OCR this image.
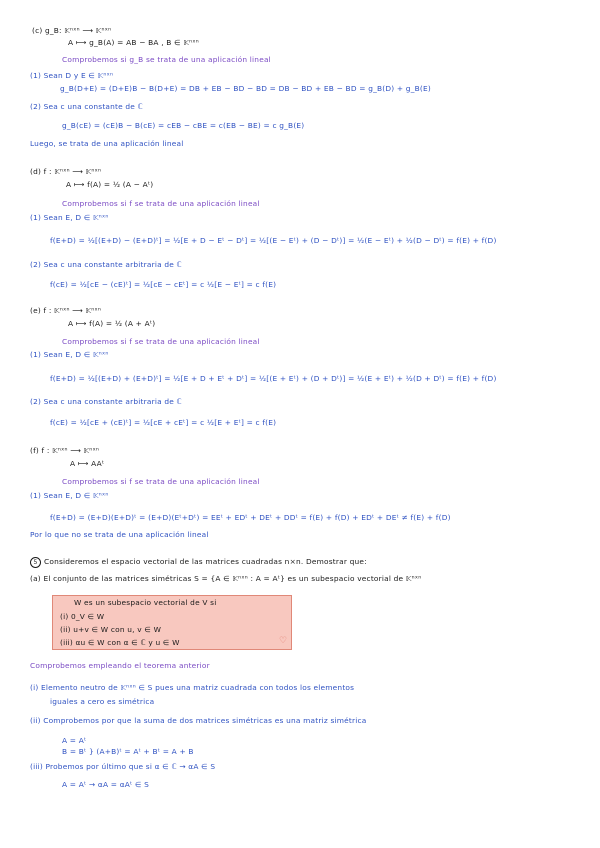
♡
(c) g_B: 𝕂ⁿˣⁿ ⟶ 𝕂ⁿˣⁿ
A ⟼ g_B(A) = AB − BA , B ∈ 𝕂ⁿˣⁿ
Comprobemos si g_B se trata de una aplicación lineal
(1) Sean D y E ∈ 𝕂ⁿˣⁿ
g_B(D+E) = (D+E)B − B(D+E) = DB + EB − BD − BD = DB − BD + EB − BD = g_B(D) + g_B(E)
(2) Sea c una constante de ℂ
g_B(cE) = (cE)B − B(cE) = cEB − cBE = c(EB − BE) = c g_B(E)
Luego, se trata de una aplicación lineal
(d) f : 𝕂ⁿˣⁿ ⟶ 𝕂ⁿˣⁿ
A ⟼ f(A) = ½ (A − Aᵗ)
Comprobemos si f se trata de una aplicación lineal
(1) Sean E, D ∈ 𝕂ⁿˣⁿ
f(E+D) = ½[(E+D) − (E+D)ᵗ] = ½[E + D − Eᵗ − Dᵗ] = ½[(E − Eᵗ) + (D − Dᵗ)] = ½(E − Eᵗ) + ½(D − Dᵗ) = f(E) + f(D)
(2) Sea c una constante arbitraria de ℂ
f(cE) = ½[cE − (cE)ᵗ] = ½[cE − cEᵗ] = c ½[E − Eᵗ] = c f(E)
(e) f : 𝕂ⁿˣⁿ ⟶ 𝕂ⁿˣⁿ
A ⟼ f(A) = ½ (A + Aᵗ)
Comprobemos si f se trata de una aplicación lineal
(1) Sean E, D ∈ 𝕂ⁿˣⁿ
f(E+D) = ½[(E+D) + (E+D)ᵗ] = ½[E + D + Eᵗ + Dᵗ] = ½[(E + Eᵗ) + (D + Dᵗ)] = ½(E + Eᵗ) + ½(D + Dᵗ) = f(E) + f(D)
(2) Sea c una constante arbitraria de ℂ
f(cE) = ½[cE + (cE)ᵗ] = ½[cE + cEᵗ] = c ½[E + Eᵗ] = c f(E)
(f) f : 𝕂ⁿˣⁿ ⟶ 𝕂ⁿˣⁿ
A ⟼ AAᵗ
Comprobemos si f se trata de una aplicación lineal
(1) Sean E, D ∈ 𝕂ⁿˣⁿ
f(E+D) = (E+D)(E+D)ᵗ = (E+D)(Eᵗ+Dᵗ) = EEᵗ + EDᵗ + DEᵗ + DDᵗ = f(E) + f(D) + EDᵗ + DEᵗ ≠ f(E) + f(D)
Por lo que no se trata de una aplicación lineal
5 Consideremos el espacio vectorial de las matrices cuadradas n×n. Demostrar que:
(a) El conjunto de las matrices simétricas S = {A ∈ 𝕂ⁿˣⁿ : A = Aᵗ} es un subespacio vectorial de 𝕂ⁿˣⁿ
W es un subespacio vectorial de V si
(i) 0_V ∈ W
(ii) u+v ∈ W con u, v ∈ W
(iii) αu ∈ W con α ∈ ℂ y u ∈ W
Comprobemos empleando el teorema anterior
(i) Elemento neutro de 𝕂ⁿˣⁿ ∈ S pues una matriz cuadrada con todos los elementos
iguales a cero es simétrica
(ii) Comprobemos por que la suma de dos matrices simétricas es una matriz simétrica
A = Aᵗ
B = Bᵗ } (A+B)ᵗ = Aᵗ + Bᵗ = A + B
(iii) Probemos por último que si α ∈ ℂ → αA ∈ S
A = Aᵗ → αA = αAᵗ ∈ S
